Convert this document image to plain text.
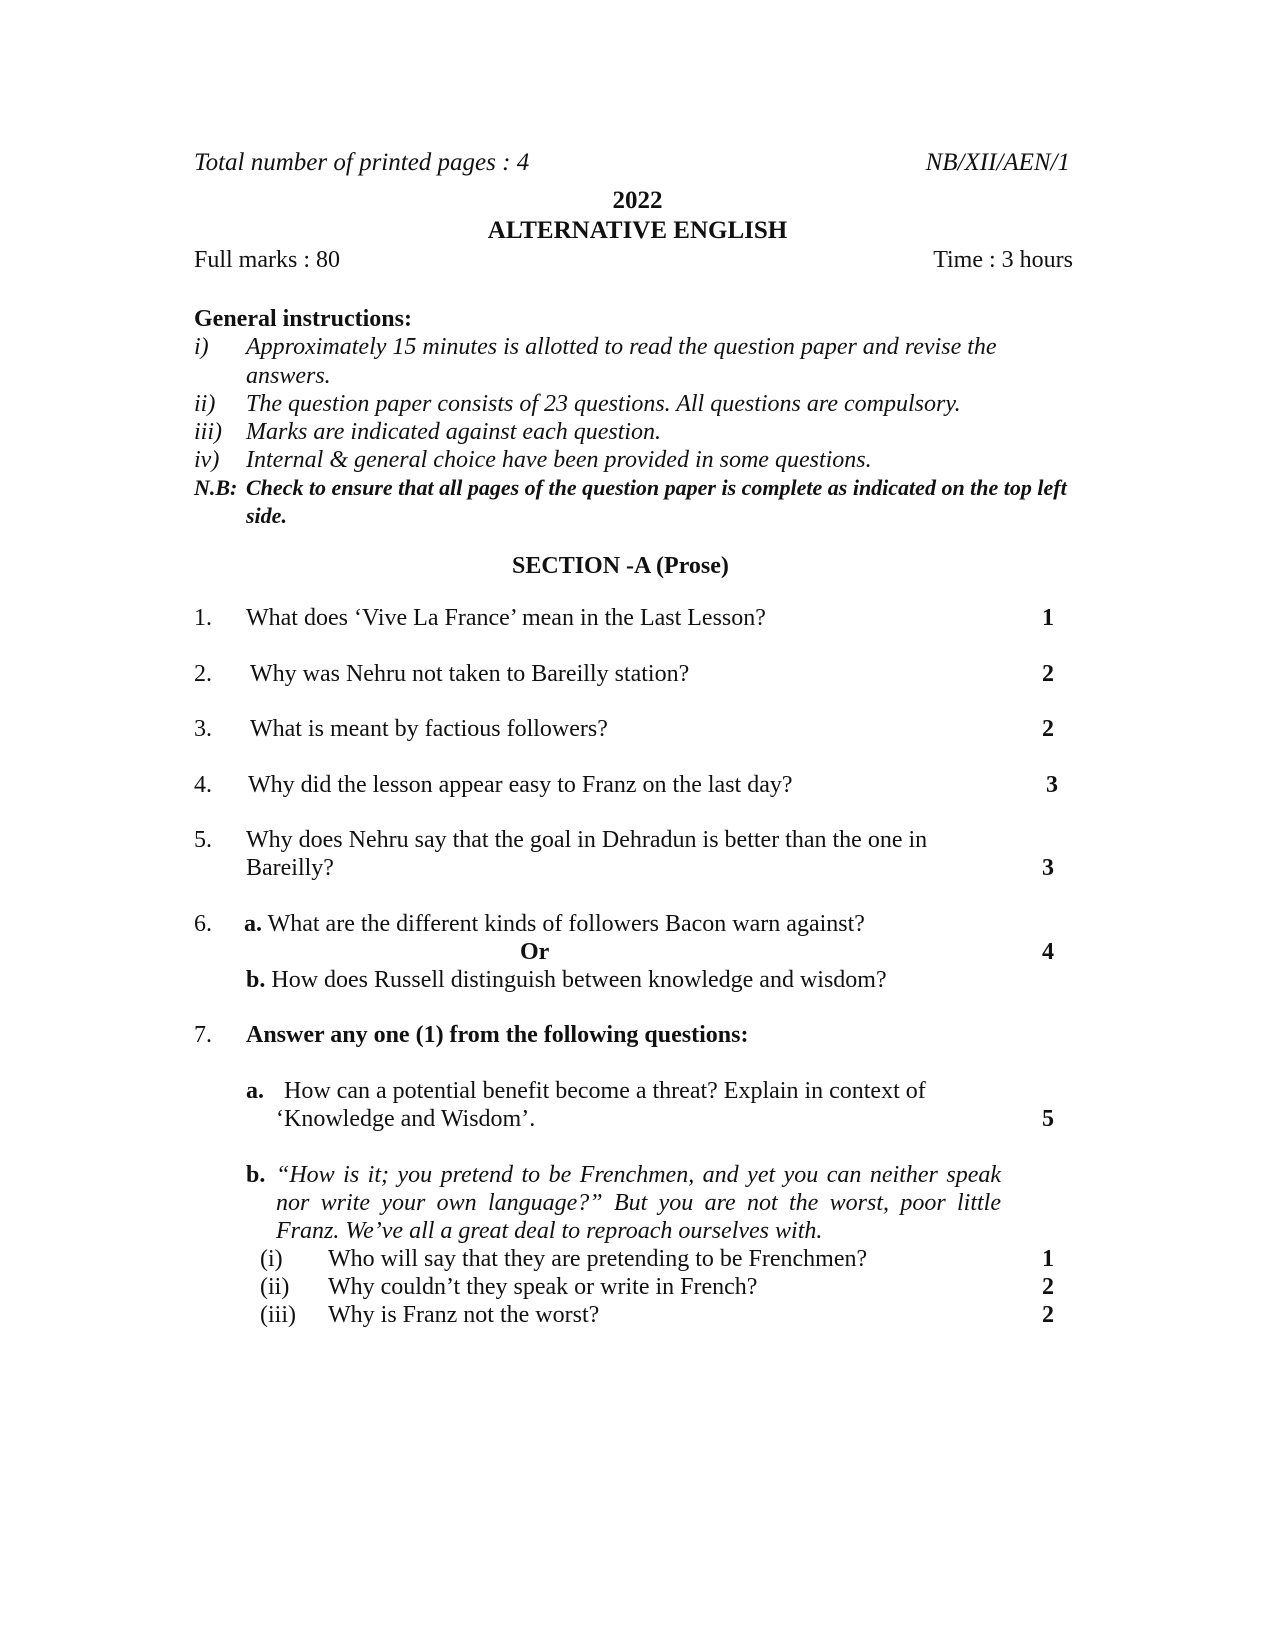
Total number of printed pages : 4	NB/XII/AEN/1
2022
ALTERNATIVE ENGLISH
Full marks : 80	Time : 3 hours
General instructions:
i)	Approximately 15 minutes is allotted to read the question paper and revise the answers.
ii)	The question paper consists of 23 questions. All questions are compulsory.
iii)	Marks are indicated against each question.
iv)	Internal & general choice have been provided in some questions.
N.B: Check to ensure that all pages of the question paper is complete as indicated on the top left side.
SECTION -A (Prose)
1. What does ‘Vive La France’ mean in the Last Lesson?	1
2. Why was Nehru not taken to Bareilly station?	2
3. What is meant by factious followers?	2
4. Why did the lesson appear easy to Franz on the last day?	3
5. Why does Nehru say that the goal in Dehradun is better than the one in
Bareilly?	3
6. a. What are the different kinds of followers Bacon warn against?
Or	4
b. How does Russell distinguish between knowledge and wisdom?
7. Answer any one (1) from the following questions:
a. How can a potential benefit become a threat? Explain in context of
‘Knowledge and Wisdom’.	5
b. “How is it; you pretend to be Frenchmen, and yet you can neither speak nor write your own language?” But you are not the worst, poor little Franz. We’ve all a great deal to reproach ourselves with.
(i) Who will say that they are pretending to be Frenchmen?	1
(ii) Why couldn’t they speak or write in French?	2
(iii) Why is Franz not the worst?	2
